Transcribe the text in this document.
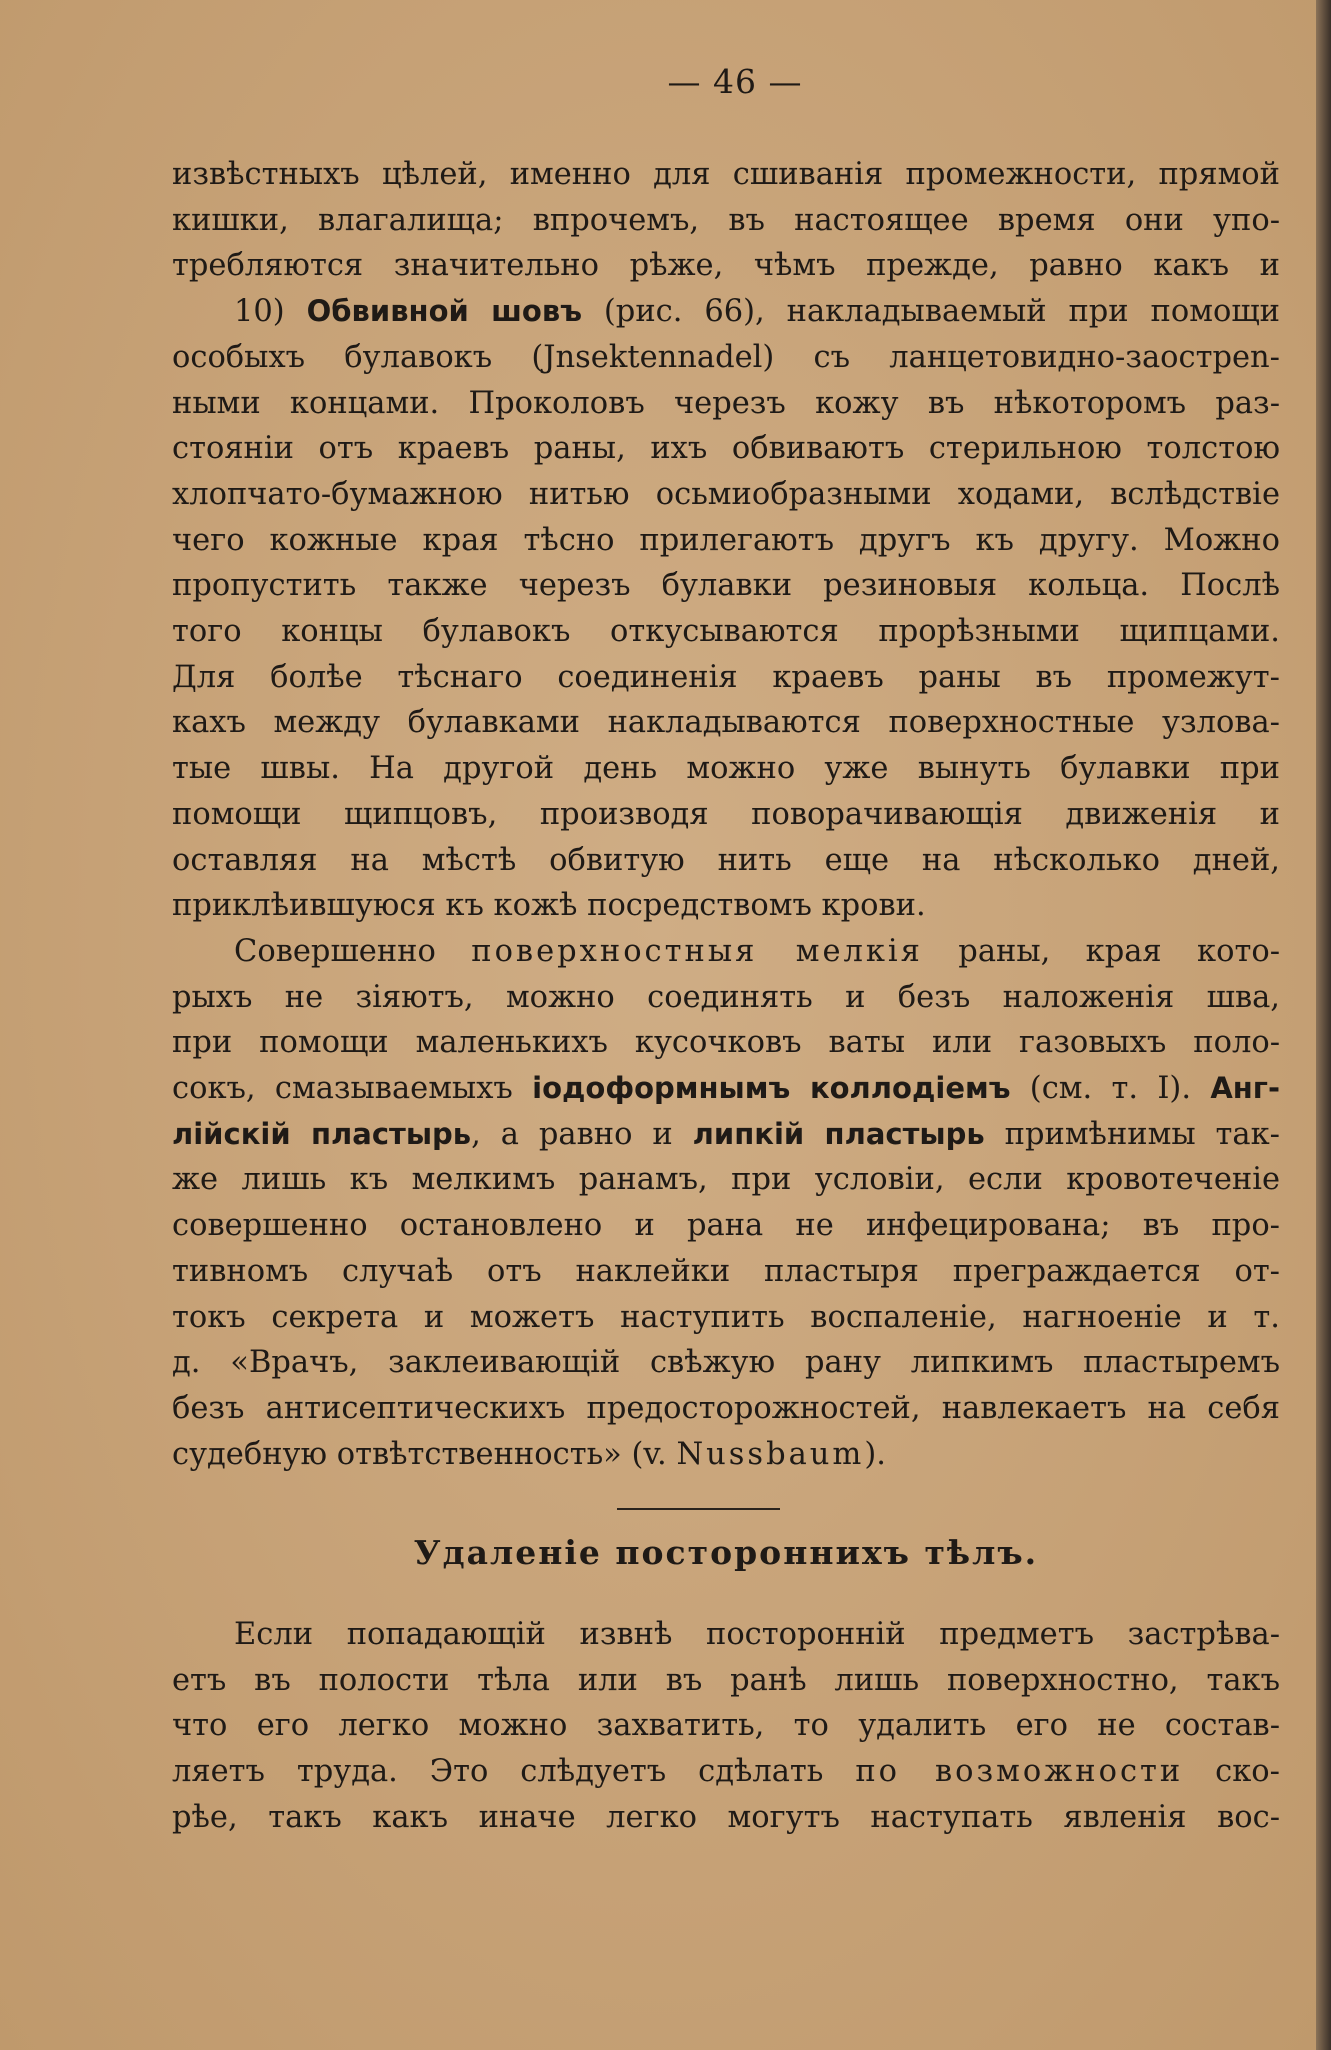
— 46 —

извѣстныхъ цѣлей, именно для сшиванія промежности, прямой

кишки, влагалища; впрочемъ, въ настоящее время они упо-

требляются значительно рѣже, чѣмъ прежде, равно какъ и

10) Обвивной шовъ (рис. 66), накладываемый при помощи

особыхъ булавокъ (Jnsektennadel) съ ланцетовидно-заостреn-

ными концами. Проколовъ черезъ кожу въ нѣкоторомъ раз-

стояніи отъ краевъ раны, ихъ обвиваютъ стерильною толстою

хлопчато-бумажною нитью осьмиобразными ходами, вслѣдствіе

чего кожные края тѣсно прилегаютъ другъ къ другу. Можно

пропустить также черезъ булавки резиновыя кольца. Послѣ

того концы булавокъ откусываются прорѣзными щипцами.

Для болѣе тѣснаго соединенія краевъ раны въ промежут-

кахъ между булавками накладываются поверхностные узлова-

тые швы. На другой день можно уже вынуть булавки при

помощи щипцовъ, производя поворачивающія движенія и

оставляя на мѣстѣ обвитую нить еще на нѣсколько дней,

приклѣившуюся къ кожѣ посредствомъ крови.

Совершенно поверхностныя мелкія раны, края кото-

рыхъ не зіяютъ, можно соединять и безъ наложенія шва,

при помощи маленькихъ кусочковъ ваты или газовыхъ поло-

сокъ, смазываемыхъ іодоформнымъ коллодіемъ (см. т. I). Анг-

лійскій пластырь, а равно и липкій пластырь примѣнимы так-

же лишь къ мелкимъ ранамъ, при условіи, если кровотеченіе

совершенно остановлено и рана не инфецирована; въ про-

тивномъ случаѣ отъ наклейки пластыря преграждается от-

токъ секрета и можетъ наступить воспаленіе, нагноеніе и т.

д. «Врачъ, заклеивающій свѣжую рану липкимъ пластыремъ

безъ антисептическихъ предосторожностей, навлекаетъ на себя

судебную отвѣтственность» (v. Nussbaum).

Удаленіе постороннихъ тѣлъ.

Если попадающій извнѣ посторонній предметъ застрѣва-

етъ въ полости тѣла или въ ранѣ лишь поверхностно, такъ

что его легко можно захватить, то удалить его не состав-

ляетъ труда. Это слѣдуетъ сдѣлать по возможности ско-

рѣе, такъ какъ иначе легко могутъ наступать явленія вос-
